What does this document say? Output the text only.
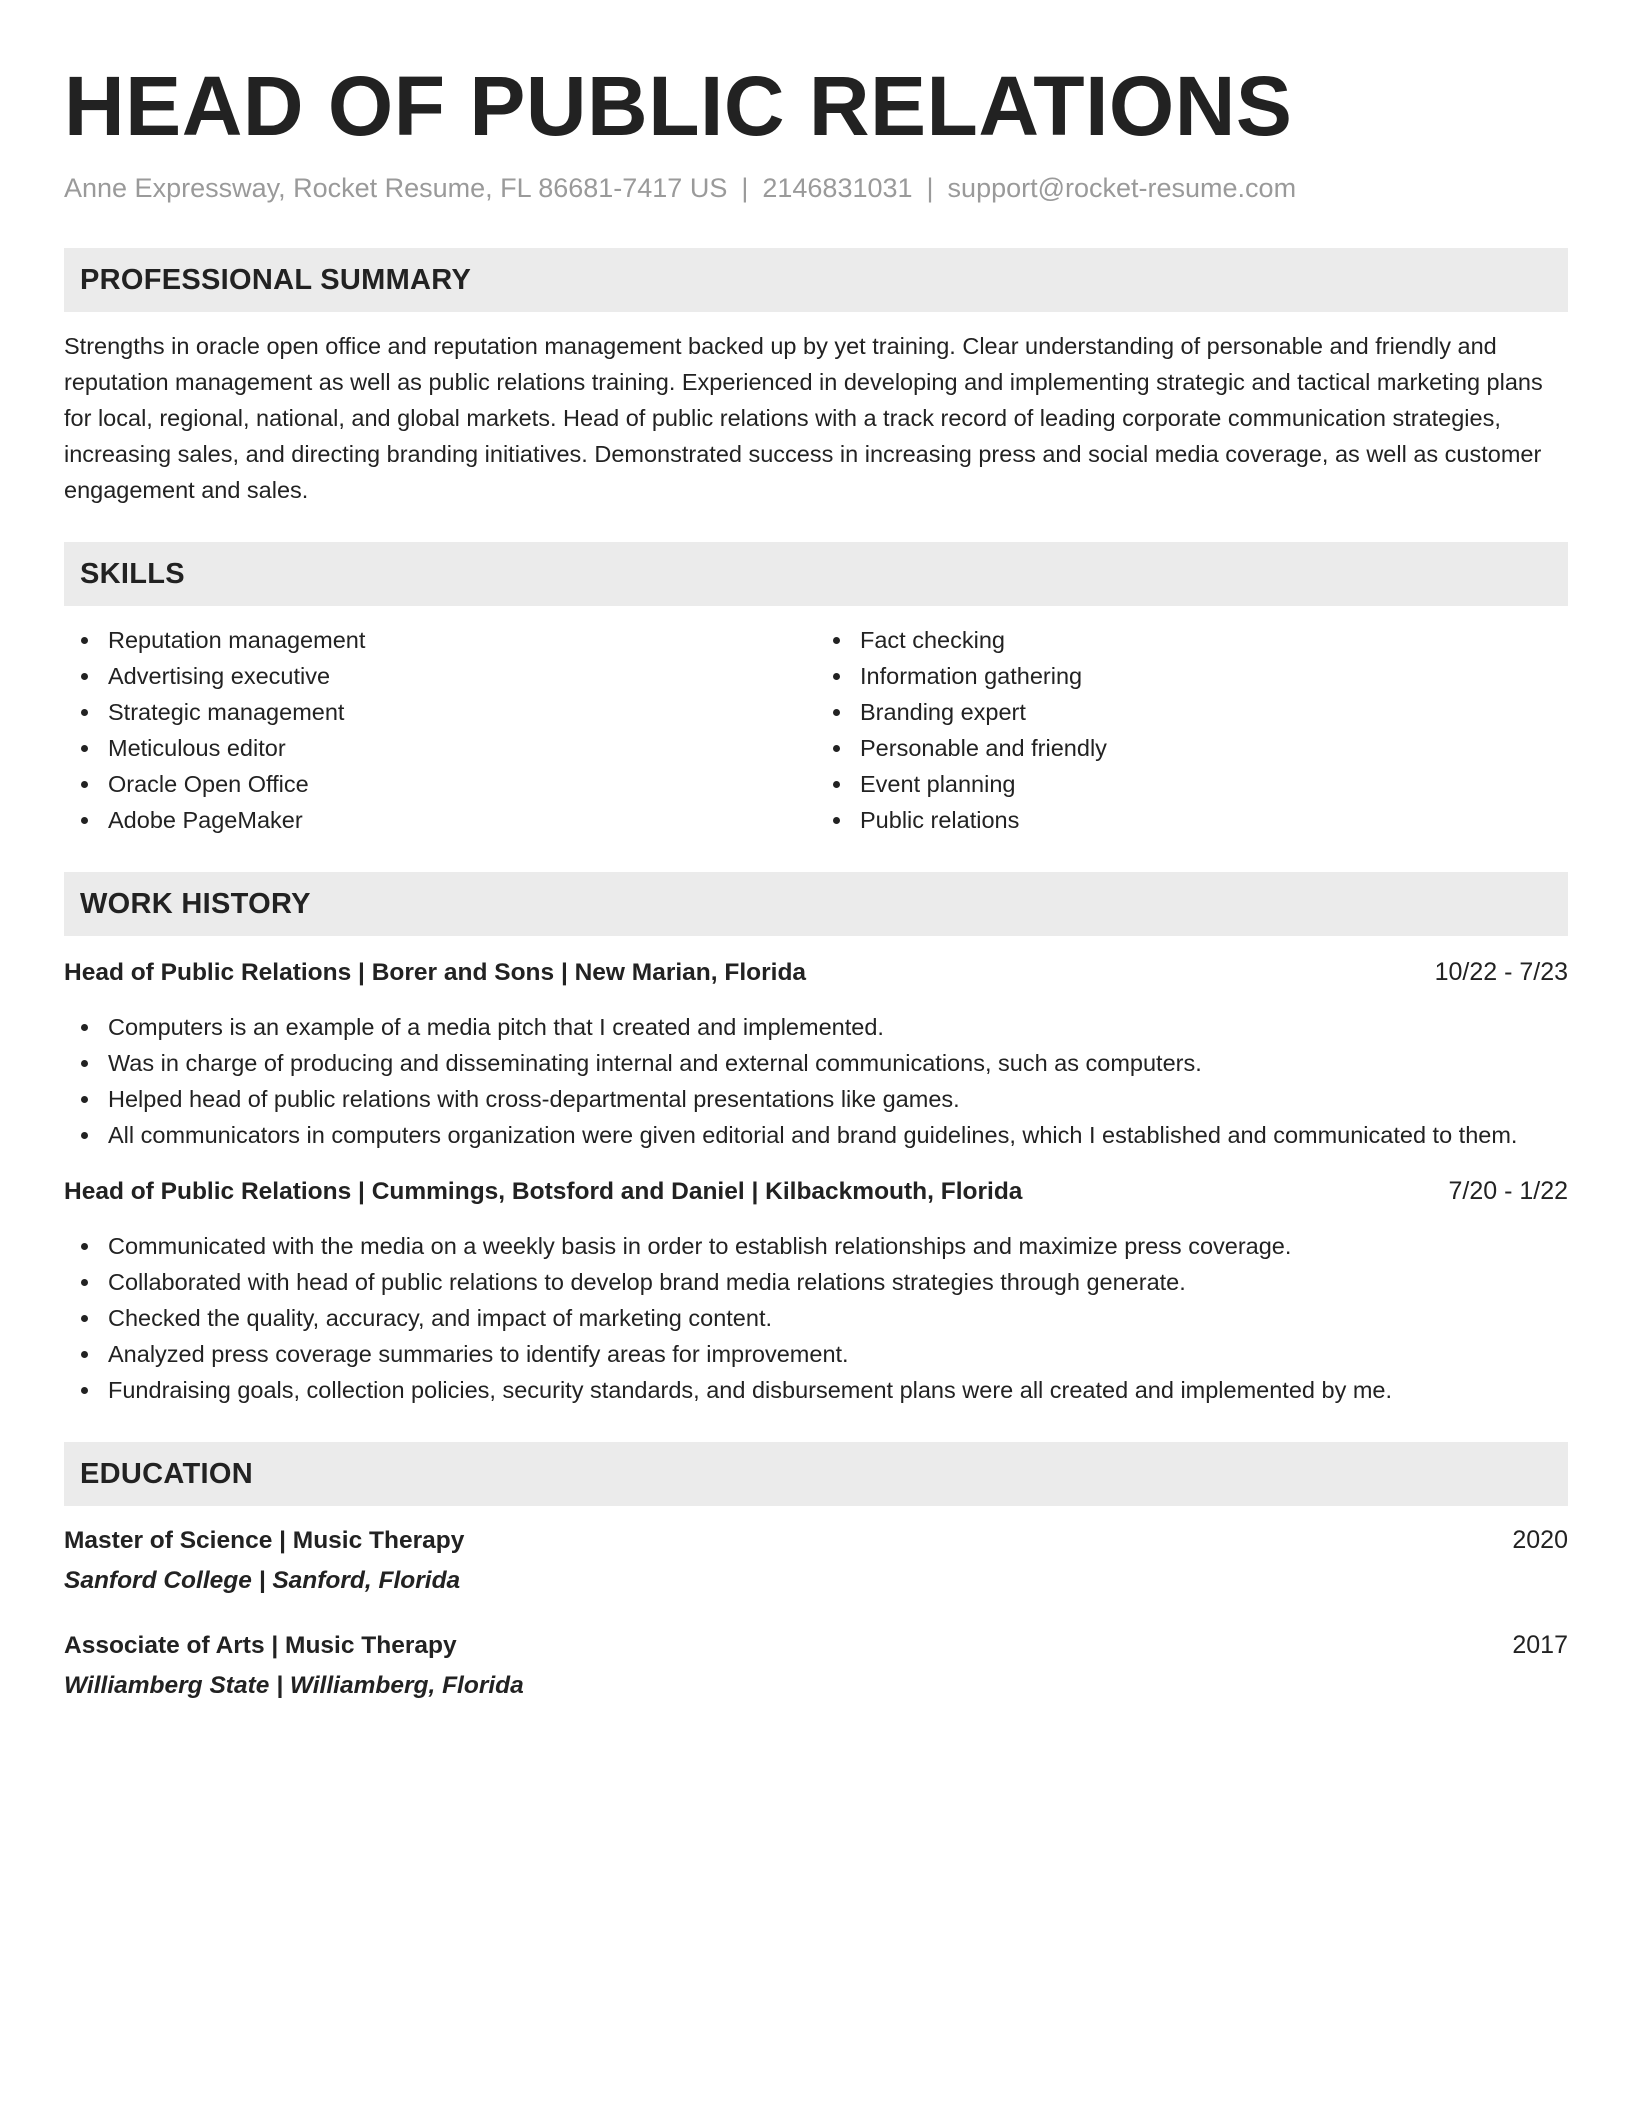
HEAD OF PUBLIC RELATIONS
Anne Expressway, Rocket Resume, FL 86681-7417 US | 2146831031 | support@rocket-resume.com
PROFESSIONAL SUMMARY

Strengths in oracle open office and reputation management backed up by yet training. Clear understanding of personable and friendly and reputation management as well as public relations training. Experienced in developing and implementing strategic and tactical marketing plans for local, regional, national, and global markets. Head of public relations with a track record of leading corporate communication strategies, increasing sales, and directing branding initiatives. Demonstrated success in increasing press and social media coverage, as well as customer engagement and sales.

SKILLS
Reputation management
Advertising executive
Strategic management
Meticulous editor
Oracle Open Office
Adobe PageMaker
Fact checking
Information gathering
Branding expert
Personable and friendly
Event planning
Public relations
WORK HISTORY
Head of Public Relations | Borer and Sons | New Marian, Florida	10/22 - 7/23
Computers is an example of a media pitch that I created and implemented.
Was in charge of producing and disseminating internal and external communications, such as computers.
Helped head of public relations with cross-departmental presentations like games.
All communicators in computers organization were given editorial and brand guidelines, which I established and communicated to them.
Head of Public Relations | Cummings, Botsford and Daniel | Kilbackmouth, Florida	7/20 - 1/22
Communicated with the media on a weekly basis in order to establish relationships and maximize press coverage.
Collaborated with head of public relations to develop brand media relations strategies through generate.
Checked the quality, accuracy, and impact of marketing content.
Analyzed press coverage summaries to identify areas for improvement.
Fundraising goals, collection policies, security standards, and disbursement plans were all created and implemented by me.
EDUCATION
Master of Science | Music Therapy	2020
Sanford College | Sanford, Florida
Associate of Arts | Music Therapy	2017
Williamberg State | Williamberg, Florida
